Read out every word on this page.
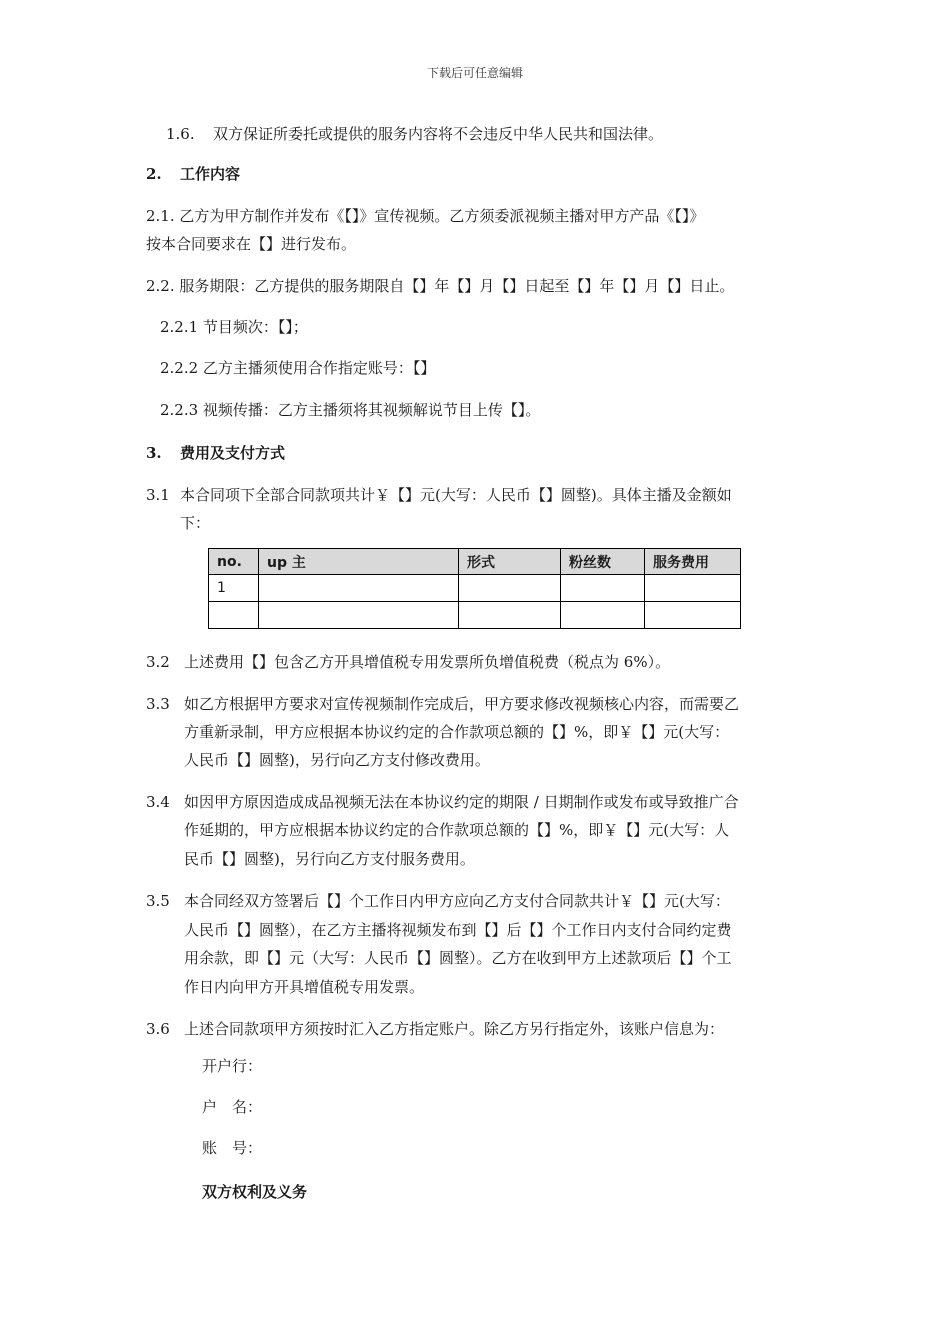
下载后可任意编辑
1.6. 双方保证所委托或提供的服务内容将不会违反中华人民共和国法律。
2. 工作内容
2.1. 乙方为甲方制作并发布《【】》宣传视频。乙方须委派视频主播对甲方产品《【】》
按本合同要求在【】进行发布。
2.2. 服务期限：乙方提供的服务期限自【】年【】月【】日起至【】年【】月【】日止。
2.2.1 节目频次：【】；
2.2.2 乙方主播须使用合作指定账号：【】
2.2.3 视频传播：乙方主播须将其视频解说节目上传【】。
3. 费用及支付方式
3.1 本合同项下全部合同款项共计￥【】元(大写：人民币【】圆整)。具体主播及金额如
下：
no.	up 主	形式	粉丝数	服务费用
1				

3.2 上述费用【】包含乙方开具增值税专用发票所负增值税费（税点为 6%）。
3.3 如乙方根据甲方要求对宣传视频制作完成后，甲方要求修改视频核心内容，而需要乙
方重新录制，甲方应根据本协议约定的合作款项总额的【】%，即￥【】元(大写：
人民币【】圆整)，另行向乙方支付修改费用。
3.4 如因甲方原因造成成品视频无法在本协议约定的期限 / 日期制作或发布或导致推广合
作延期的，甲方应根据本协议约定的合作款项总额的【】%，即￥【】元(大写：人
民币【】圆整)，另行向乙方支付服务费用。
3.5 本合同经双方签署后【】个工作日内甲方应向乙方支付合同款共计￥【】元(大写：
人民币【】圆整），在乙方主播将视频发布到【】后【】个工作日内支付合同约定费
用余款，即【】元（大写：人民币【】圆整）。乙方在收到甲方上述款项后【】个工
作日内向甲方开具增值税专用发票。
3.6 上述合同款项甲方须按时汇入乙方指定账户。除乙方另行指定外，该账户信息为：
开户行：
户　名：
账　号：
双方权利及义务
